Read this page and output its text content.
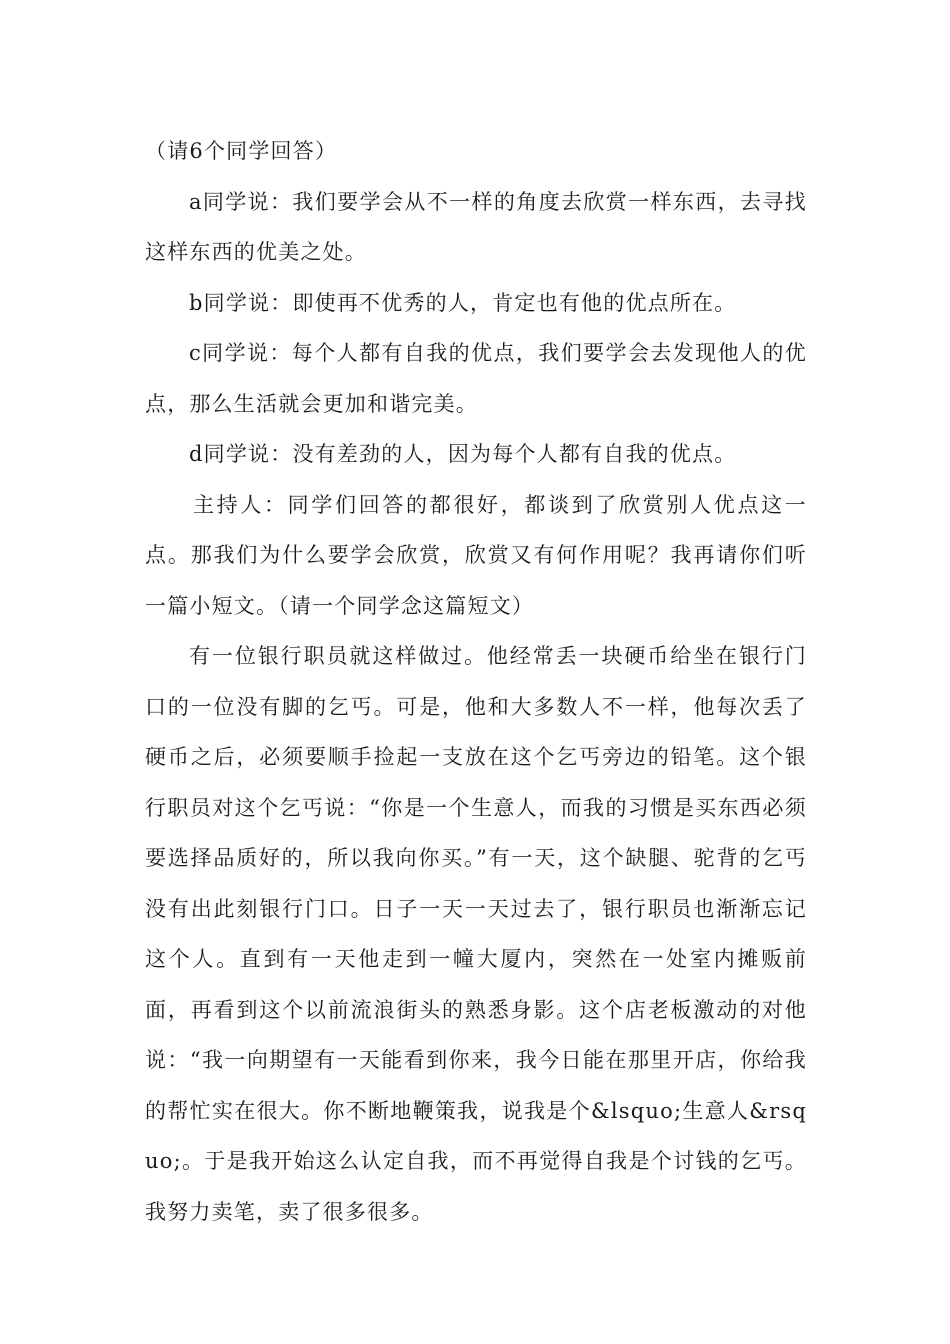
（请6个同学回答）

a同学说：我们要学会从不一样的角度去欣赏一样东西，去寻找这样东西的优美之处。

b同学说：即使再不优秀的人，肯定也有他的优点所在。

c同学说：每个人都有自我的优点，我们要学会去发现他人的优点，那么生活就会更加和谐完美。

d同学说：没有差劲的人，因为每个人都有自我的优点。

主持人：同学们回答的都很好，都谈到了欣赏别人优点这一点。那我们为什么要学会欣赏，欣赏又有何作用呢？我再请你们听一篇小短文。（请一个同学念这篇短文）

有一位银行职员就这样做过。他经常丢一块硬币给坐在银行门口的一位没有脚的乞丐。可是，他和大多数人不一样，他每次丢了硬币之后，必须要顺手捡起一支放在这个乞丐旁边的铅笔。这个银行职员对这个乞丐说：“你是一个生意人，而我的习惯是买东西必须要选择品质好的，所以我向你买。”有一天，这个缺腿、驼背的乞丐没有出此刻银行门口。日子一天一天过去了，银行职员也渐渐忘记这个人。直到有一天他走到一幢大厦内，突然在一处室内摊贩前面，再看到这个以前流浪街头的熟悉身影。这个店老板激动的对他说：“我一向期望有一天能看到你来，我今日能在那里开店，你给我的帮忙实在很大。你不断地鞭策我，说我是个&lsquo;生意人&rsquo;。于是我开始这么认定自我，而不再觉得自我是个讨钱的乞丐。我努力卖笔，卖了很多很多。
